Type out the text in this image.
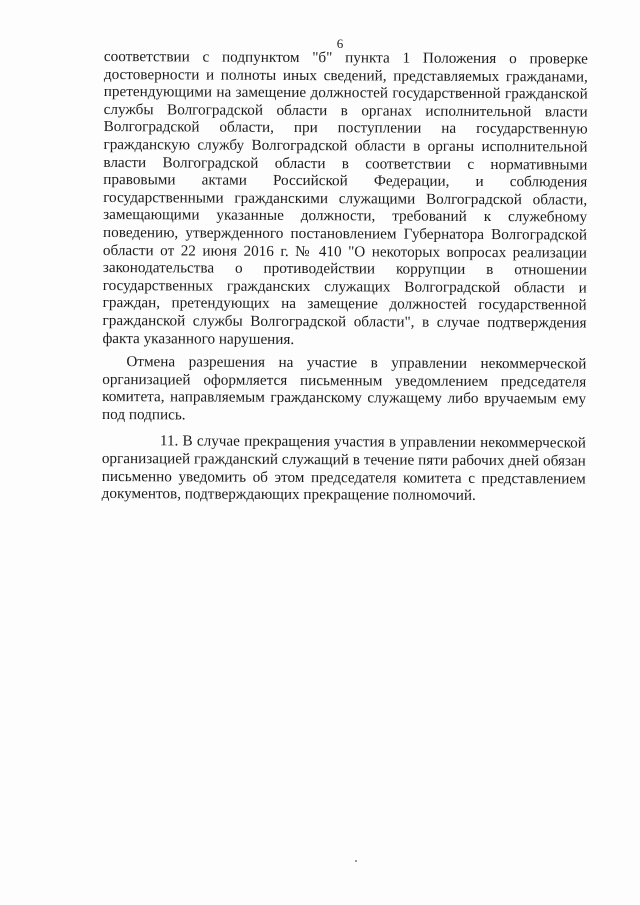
6

соответствии с подпунктом "б" пункта 1 Положения о проверке достоверности и полноты иных сведений, представляемых гражданами, претендующими на замещение должностей государственной гражданской службы Волгоградской области в органах исполнительной власти Волгоградской области, при поступлении на государственную гражданскую службу Волгоградской области в органы исполнительной власти Волгоградской области в соответствии с нормативными правовыми актами Российской Федерации, и соблюдения государственными гражданскими служащими Волгоградской области, замещающими указанные должности, требований к служебному поведению, утвержденного постановлением Губернатора Волгоградской области от 22 июня 2016 г. № 410 "О некоторых вопросах реализации законодательства о противодействии коррупции в отношении государственных гражданских служащих Волгоградской области и граждан, претендующих на замещение должностей государственной гражданской службы Волгоградской области", в случае подтверждения факта указанного нарушения.

Отмена разрешения на участие в управлении некоммерческой организацией оформляется письменным уведомлением председателя комитета, направляемым гражданскому служащему либо вручаемым ему под подпись.

11. В случае прекращения участия в управлении некоммерческой организацией гражданский служащий в течение пяти рабочих дней обязан письменно уведомить об этом председателя комитета с представлением документов, подтверждающих прекращение полномочий.
